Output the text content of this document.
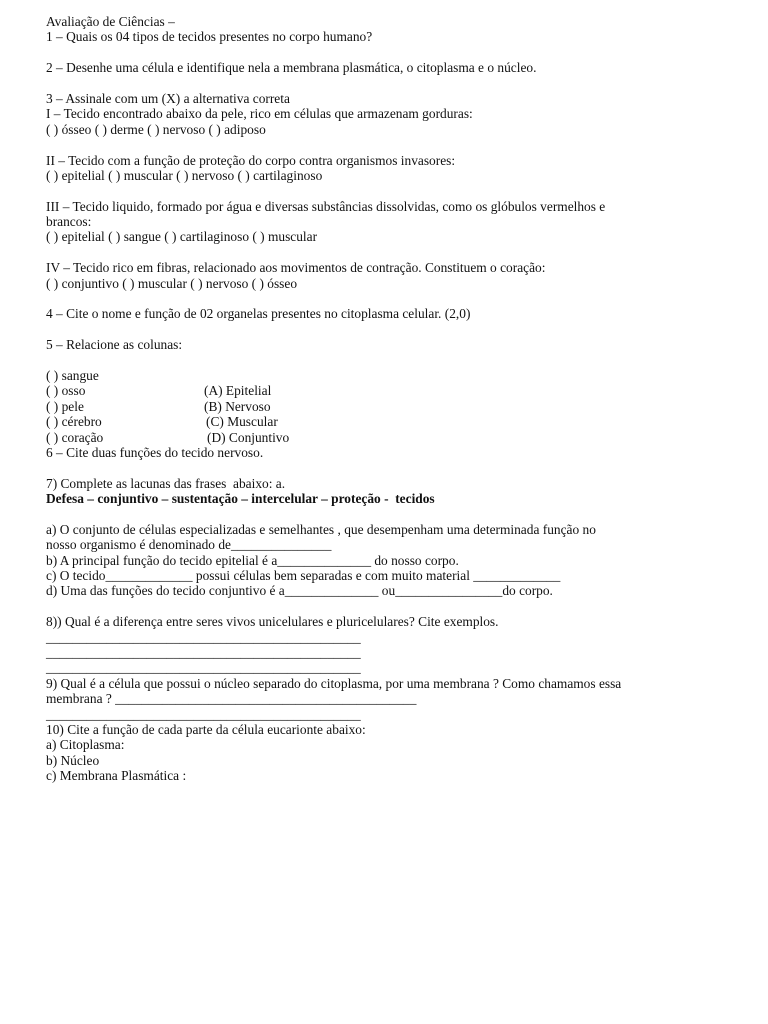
Avaliação de Ciências –
1 – Quais os 04 tipos de tecidos presentes no corpo humano?
2 – Desenhe uma célula e identifique nela a membrana plasmática, o citoplasma e o núcleo.
3 – Assinale com um (X) a alternativa correta
I – Tecido encontrado abaixo da pele, rico em células que armazenam gorduras:
( ) ósseo ( ) derme ( ) nervoso ( ) adiposo
II – Tecido com a função de proteção do corpo contra organismos invasores:
( ) epitelial ( ) muscular ( ) nervoso ( ) cartilaginoso
III – Tecido liquido, formado por água e diversas substâncias dissolvidas, como os glóbulos vermelhos e
brancos:
( ) epitelial ( ) sangue ( ) cartilaginoso ( ) muscular
IV – Tecido rico em fibras, relacionado aos movimentos de contração. Constituem o coração:
( ) conjuntivo ( ) muscular ( ) nervoso ( ) ósseo
4 – Cite o nome e função de 02 organelas presentes no citoplasma celular. (2,0)
5 – Relacione as colunas:

( ) sangue

(A) Epitelial

( ) osso

(B) Nervoso

( ) pele

(C) Muscular

( ) cérebro

(D) Conjuntivo

( ) coração

6 – Cite duas funções do tecido nervoso.
7) Complete as lacunas das frases  abaixo: a.
Defesa – conjuntivo – sustentação – intercelular – proteção -  tecidos
a) O conjunto de células especializadas e semelhantes , que desempenham uma determinada função no
nosso organismo é denominado de_______________
b) A principal função do tecido epitelial é a______________ do nosso corpo.
c) O tecido_____________ possui células bem separadas e com muito material _____________
d) Uma das funções do tecido conjuntivo é a______________ ou________________do corpo.
8)) Qual é a diferença entre seres vivos unicelulares e pluricelulares? Cite exemplos.
_______________________________________________
_______________________________________________
_______________________________________________
9) Qual é a célula que possui o núcleo separado do citoplasma, por uma membrana ? Como chamamos essa
membrana ? _____________________________________________
_______________________________________________
10) Cite a função de cada parte da célula eucarionte abaixo:
a) Citoplasma:
b) Núcleo
c) Membrana Plasmática :
